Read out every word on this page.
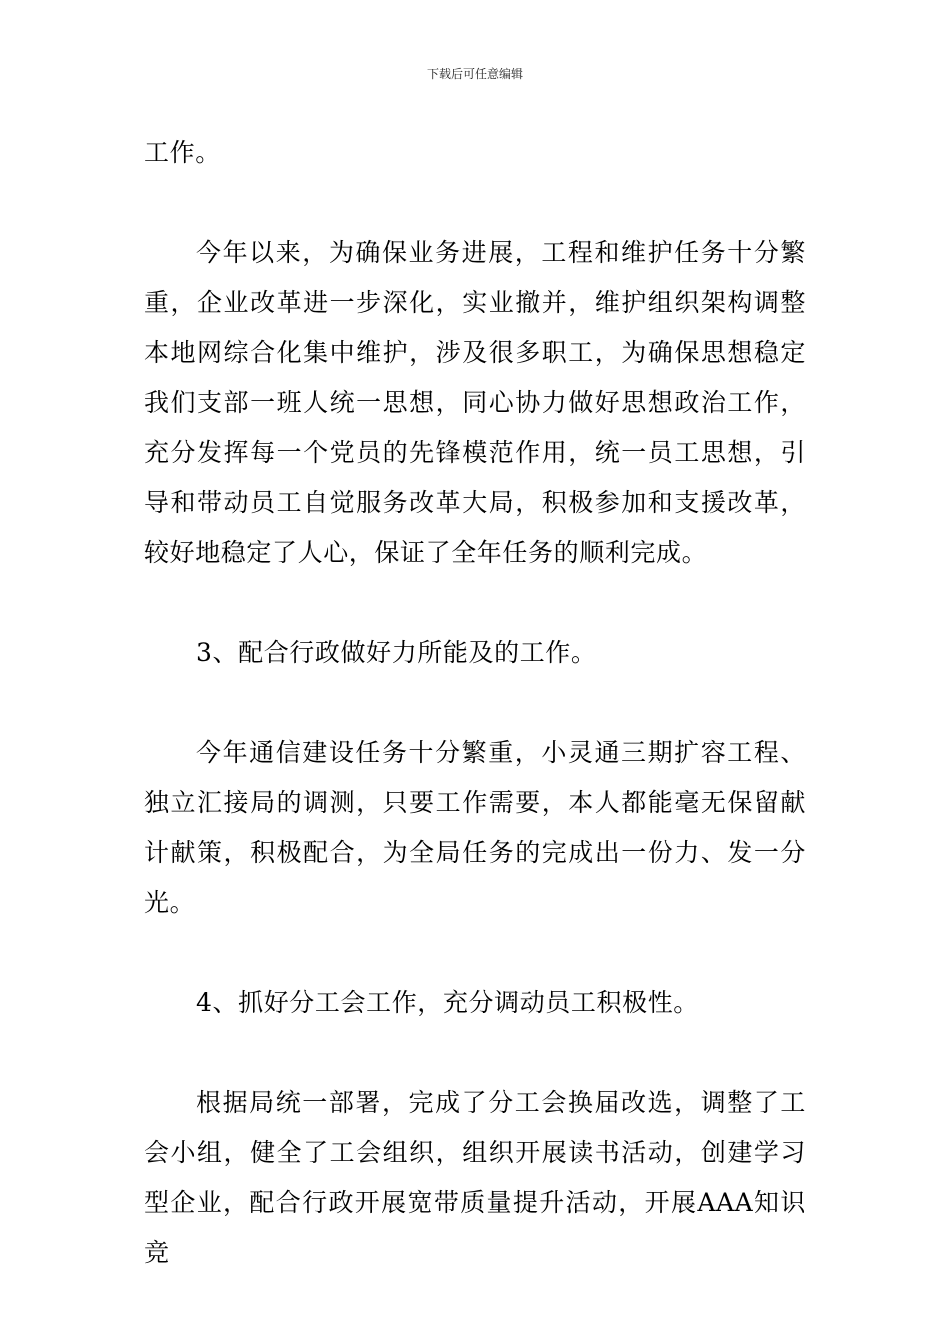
下载后可任意编辑

工作。

今年以来，为确保业务进展，工程和维护任务十分繁重，企业改革进一步深化，实业撤并，维护组织架构调整本地网综合化集中维护，涉及很多职工，为确保思想稳定我们支部一班人统一思想，同心协力做好思想政治工作，充分发挥每一个党员的先锋模范作用，统一员工思想，引导和带动员工自觉服务改革大局，积极参加和支援改革，较好地稳定了人心，保证了全年任务的顺利完成。

3、配合行政做好力所能及的工作。

今年通信建设任务十分繁重，小灵通三期扩容工程、独立汇接局的调测，只要工作需要，本人都能毫无保留献计献策，积极配合，为全局任务的完成出一份力、发一分光。

4、抓好分工会工作，充分调动员工积极性。

根据局统一部署，完成了分工会换届改选，调整了工会小组，健全了工会组织，组织开展读书活动，创建学习型企业，配合行政开展宽带质量提升活动，开展AAA知识竞
